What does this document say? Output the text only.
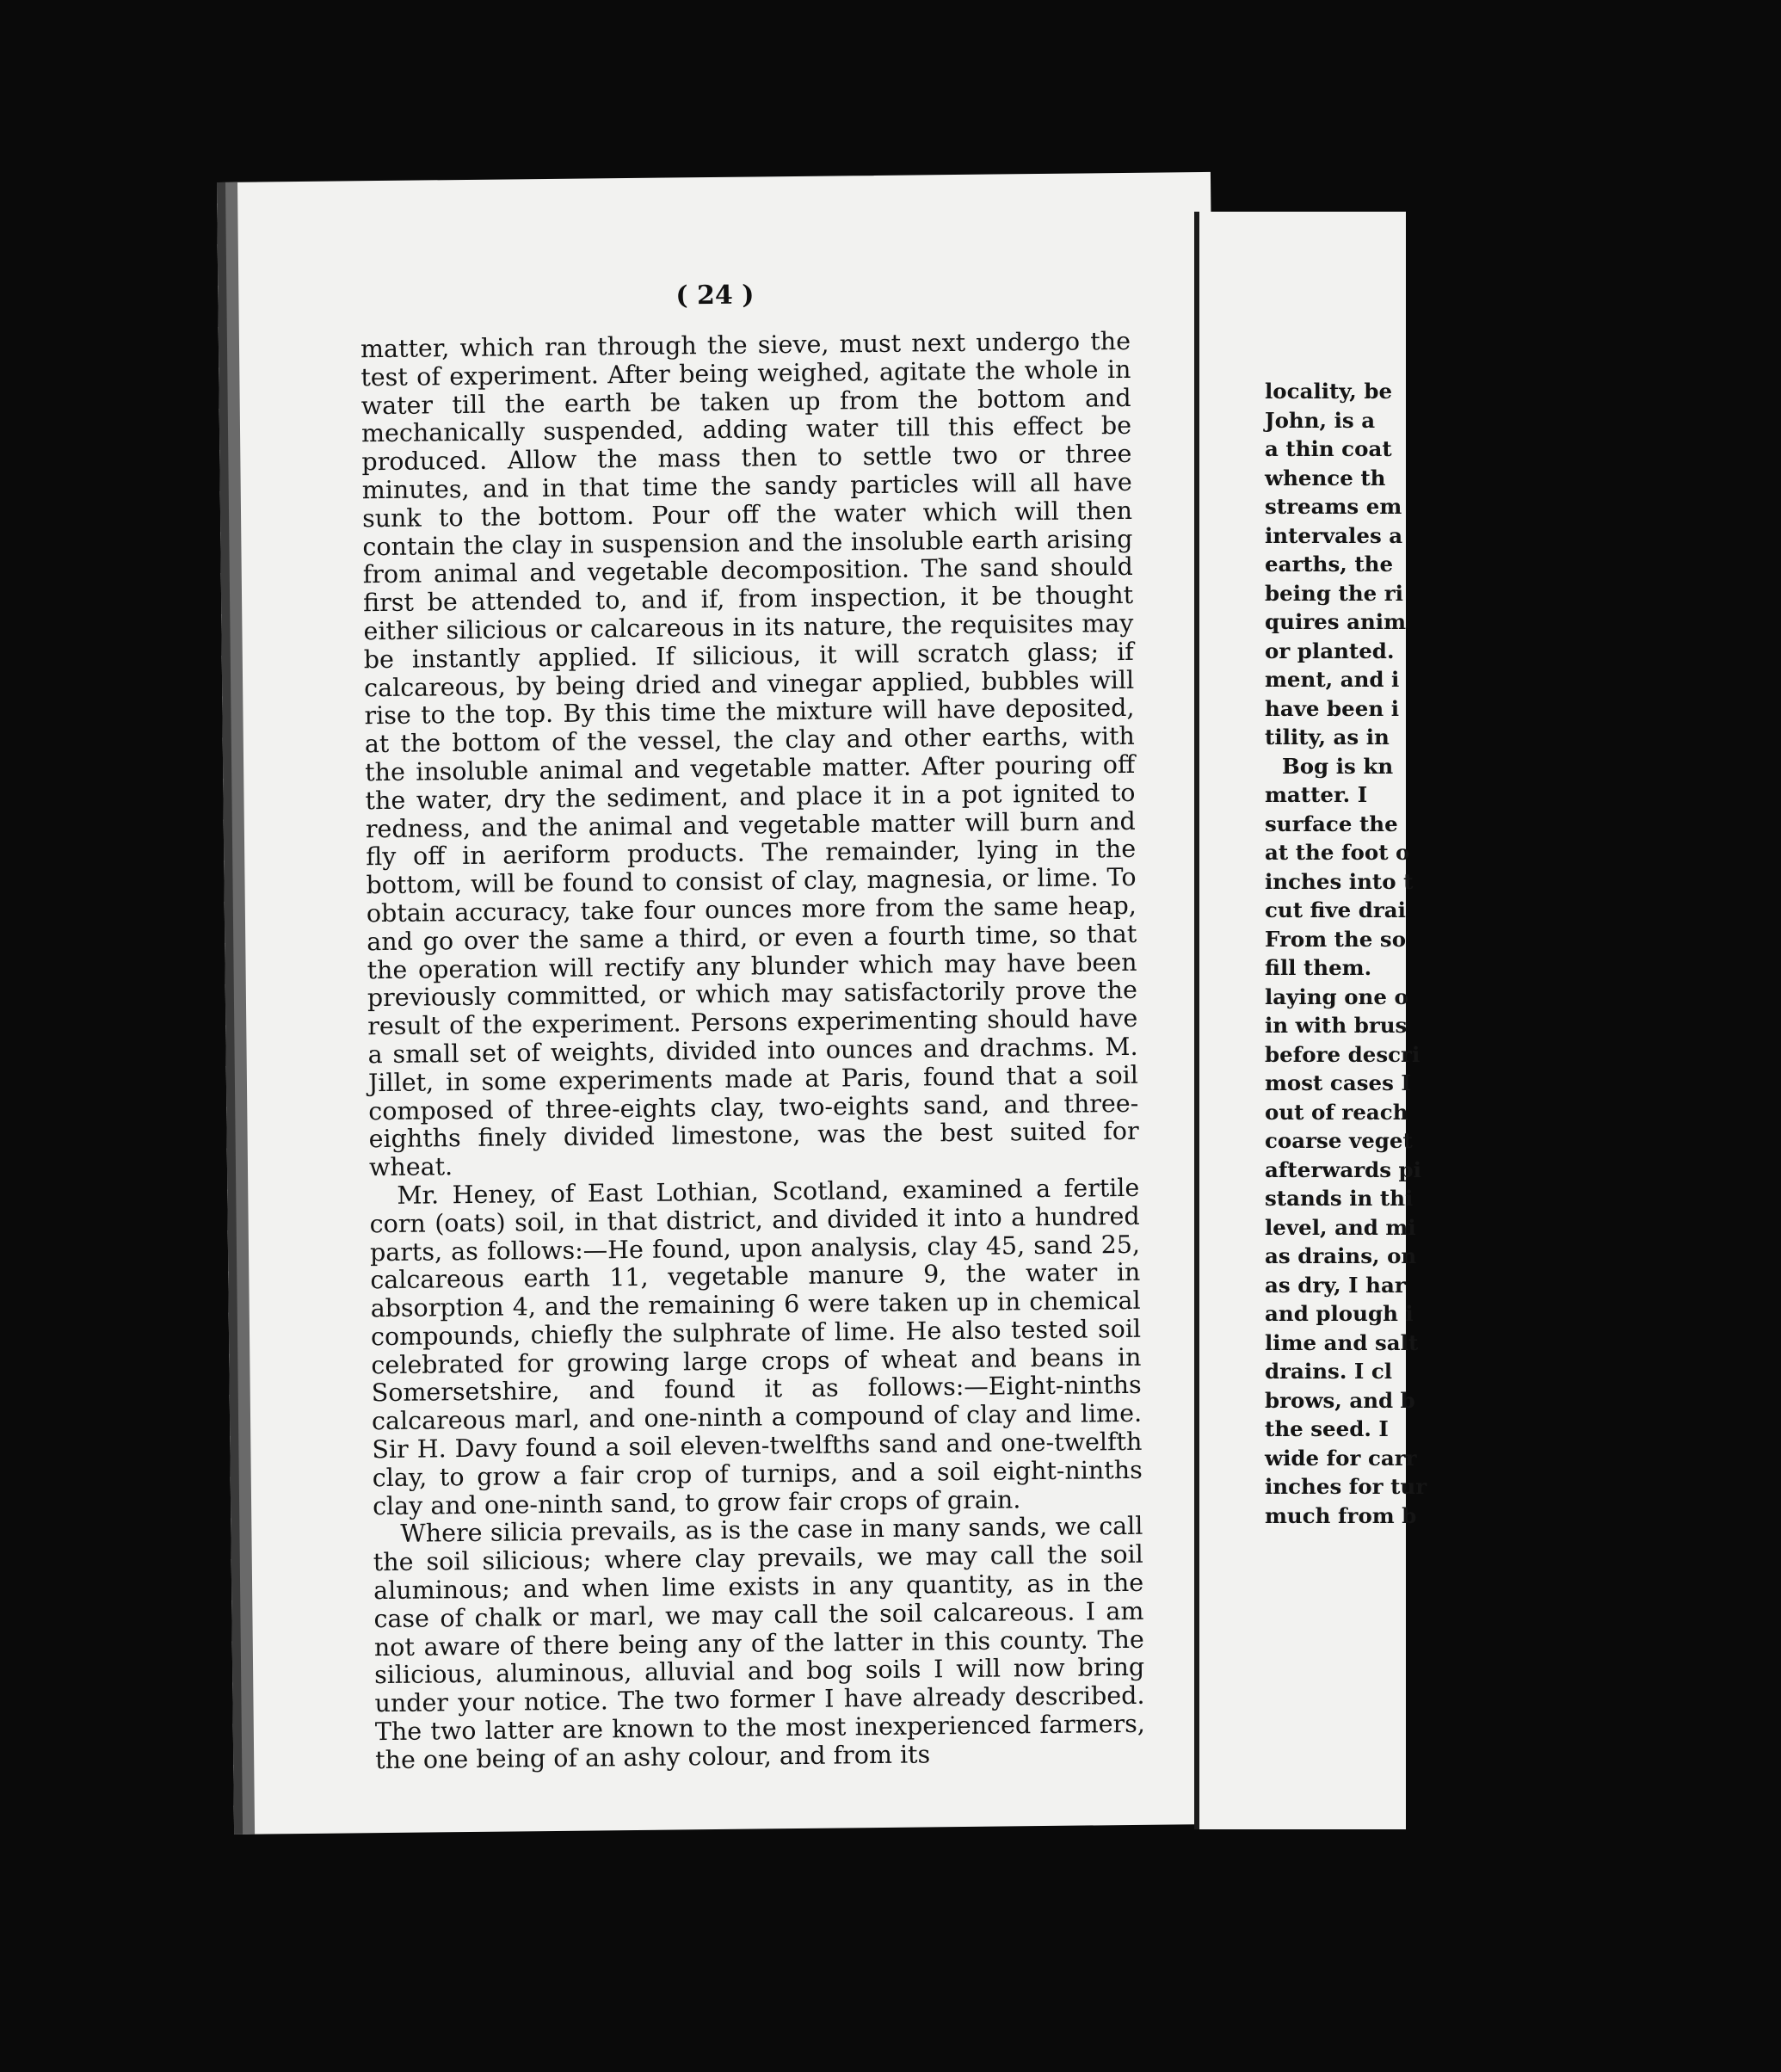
( 24 )

matter, which ran through the sieve, must next undergo the test of experiment. After being weighed, agitate the whole in water till the earth be taken up from the bottom and mechanically suspended, adding water till this effect be produced. Allow the mass then to settle two or three minutes, and in that time the sandy particles will all have sunk to the bottom. Pour off the water which will then contain the clay in suspension and the insoluble earth arising from animal and vegetable decomposition. The sand should first be attended to, and if, from inspection, it be thought either silicious or calcareous in its nature, the requisites may be instantly applied. If silicious, it will scratch glass; if calcareous, by being dried and vinegar applied, bubbles will rise to the top. By this time the mixture will have deposited, at the bottom of the vessel, the clay and other earths, with the insoluble animal and vegetable matter. After pouring off the water, dry the sediment, and place it in a pot ignited to redness, and the animal and vegetable matter will burn and fly off in aeriform products. The remainder, lying in the bottom, will be found to consist of clay, magnesia, or lime. To obtain accuracy, take four ounces more from the same heap, and go over the same a third, or even a fourth time, so that the operation will rectify any blunder which may have been previously committed, or which may satisfactorily prove the result of the experiment. Persons experimenting should have a small set of weights, divided into ounces and drachms. M. Jillet, in some experiments made at Paris, found that a soil composed of three-eights clay, two-eights sand, and three-eighths finely divided limestone, was the best suited for wheat.

Mr. Heney, of East Lothian, Scotland, examined a fertile corn (oats) soil, in that district, and divided it into a hundred parts, as follows:—He found, upon analysis, clay 45, sand 25, calcareous earth 11, vegetable manure 9, the water in absorption 4, and the remaining 6 were taken up in chemical compounds, chiefly the sulphrate of lime. He also tested soil celebrated for growing large crops of wheat and beans in Somersetshire, and found it as follows:—Eight-ninths calcareous marl, and one-ninth a compound of clay and lime. Sir H. Davy found a soil eleven-twelfths sand and one-twelfth clay, to grow a fair crop of turnips, and a soil eight-ninths clay and one-ninth sand, to grow fair crops of grain.

Where silicia prevails, as is the case in many sands, we call the soil silicious; where clay prevails, we may call the soil aluminous; and when lime exists in any quantity, as in the case of chalk or marl, we may call the soil calcareous. I am not aware of there being any of the latter in this county. The silicious, aluminous, alluvial and bog soils I will now bring under your notice. The two former I have already described. The two latter are known to the most inexperienced farmers, the one being of an ashy colour, and from its

locality, be
John, is a
a thin coat
whence th
streams em
intervales a
earths, the
being the ri
quires anim
or planted.
ment, and i
have been i
tility, as in
Bog is kn
matter. I
surface the
at the foot o
inches into t
cut five drai
From the so
fill them.
laying one o
in with brus
before descri
most cases I
out of reach
coarse veget
afterwards pi
stands in thi
level, and mi
as drains, on
as dry, I har
and plough i
lime and salt
drains. I cl
brows, and b
the seed. I
wide for carr
inches for tur
much from b
